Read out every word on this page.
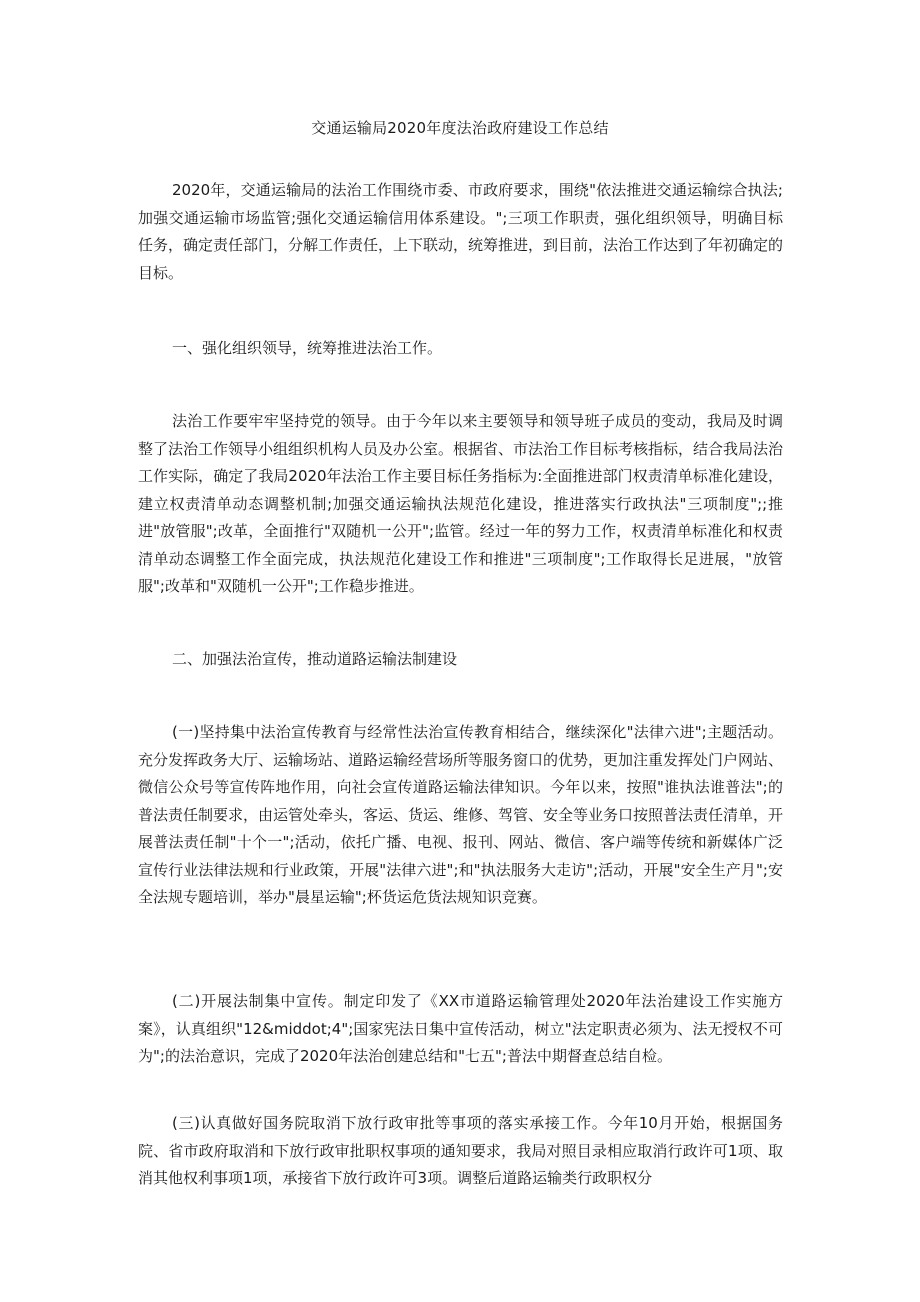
交通运输局2020年度法治政府建设工作总结

2020年，交通运输局的法治工作围绕市委、市政府要求，围绕"依法推进交通运输综合执法;加强交通运输市场监管;强化交通运输信用体系建设。";三项工作职责，强化组织领导，明确目标任务，确定责任部门，分解工作责任，上下联动，统筹推进，到目前，法治工作达到了年初确定的目标。

一、强化组织领导，统筹推进法治工作。

法治工作要牢牢坚持党的领导。由于今年以来主要领导和领导班子成员的变动，我局及时调整了法治工作领导小组组织机构人员及办公室。根据省、市法治工作目标考核指标，结合我局法治工作实际，确定了我局2020年法治工作主要目标任务指标为:全面推进部门权责清单标准化建设，建立权责清单动态调整机制;加强交通运输执法规范化建设，推进落实行政执法"三项制度";;推进"放管服";改革，全面推行"双随机一公开";监管。经过一年的努力工作，权责清单标准化和权责清单动态调整工作全面完成，执法规范化建设工作和推进"三项制度";工作取得长足进展，"放管服";改革和"双随机一公开";工作稳步推进。

二、加强法治宣传，推动道路运输法制建设

(一)坚持集中法治宣传教育与经常性法治宣传教育相结合，继续深化"法律六进";主题活动。充分发挥政务大厅、运输场站、道路运输经营场所等服务窗口的优势，更加注重发挥处门户网站、微信公众号等宣传阵地作用，向社会宣传道路运输法律知识。今年以来，按照"谁执法谁普法";的普法责任制要求，由运管处牵头，客运、货运、维修、驾管、安全等业务口按照普法责任清单，开展普法责任制"十个一";活动，依托广播、电视、报刊、网站、微信、客户端等传统和新媒体广泛宣传行业法律法规和行业政策，开展"法律六进";和"执法服务大走访";活动，开展"安全生产月";安全法规专题培训，举办"晨星运输";杯货运危货法规知识竞赛。

(二)开展法制集中宣传。制定印发了《XX市道路运输管理处2020年法治建设工作实施方案》，认真组织"12&middot;4";国家宪法日集中宣传活动，树立"法定职责必须为、法无授权不可为";的法治意识，完成了2020年法治创建总结和"七五";普法中期督查总结自检。

(三)认真做好国务院取消下放行政审批等事项的落实承接工作。今年10月开始，根据国务院、省市政府取消和下放行政审批职权事项的通知要求，我局对照目录相应取消行政许可1项、取消其他权利事项1项，承接省下放行政许可3项。调整后道路运输类行政职权分
